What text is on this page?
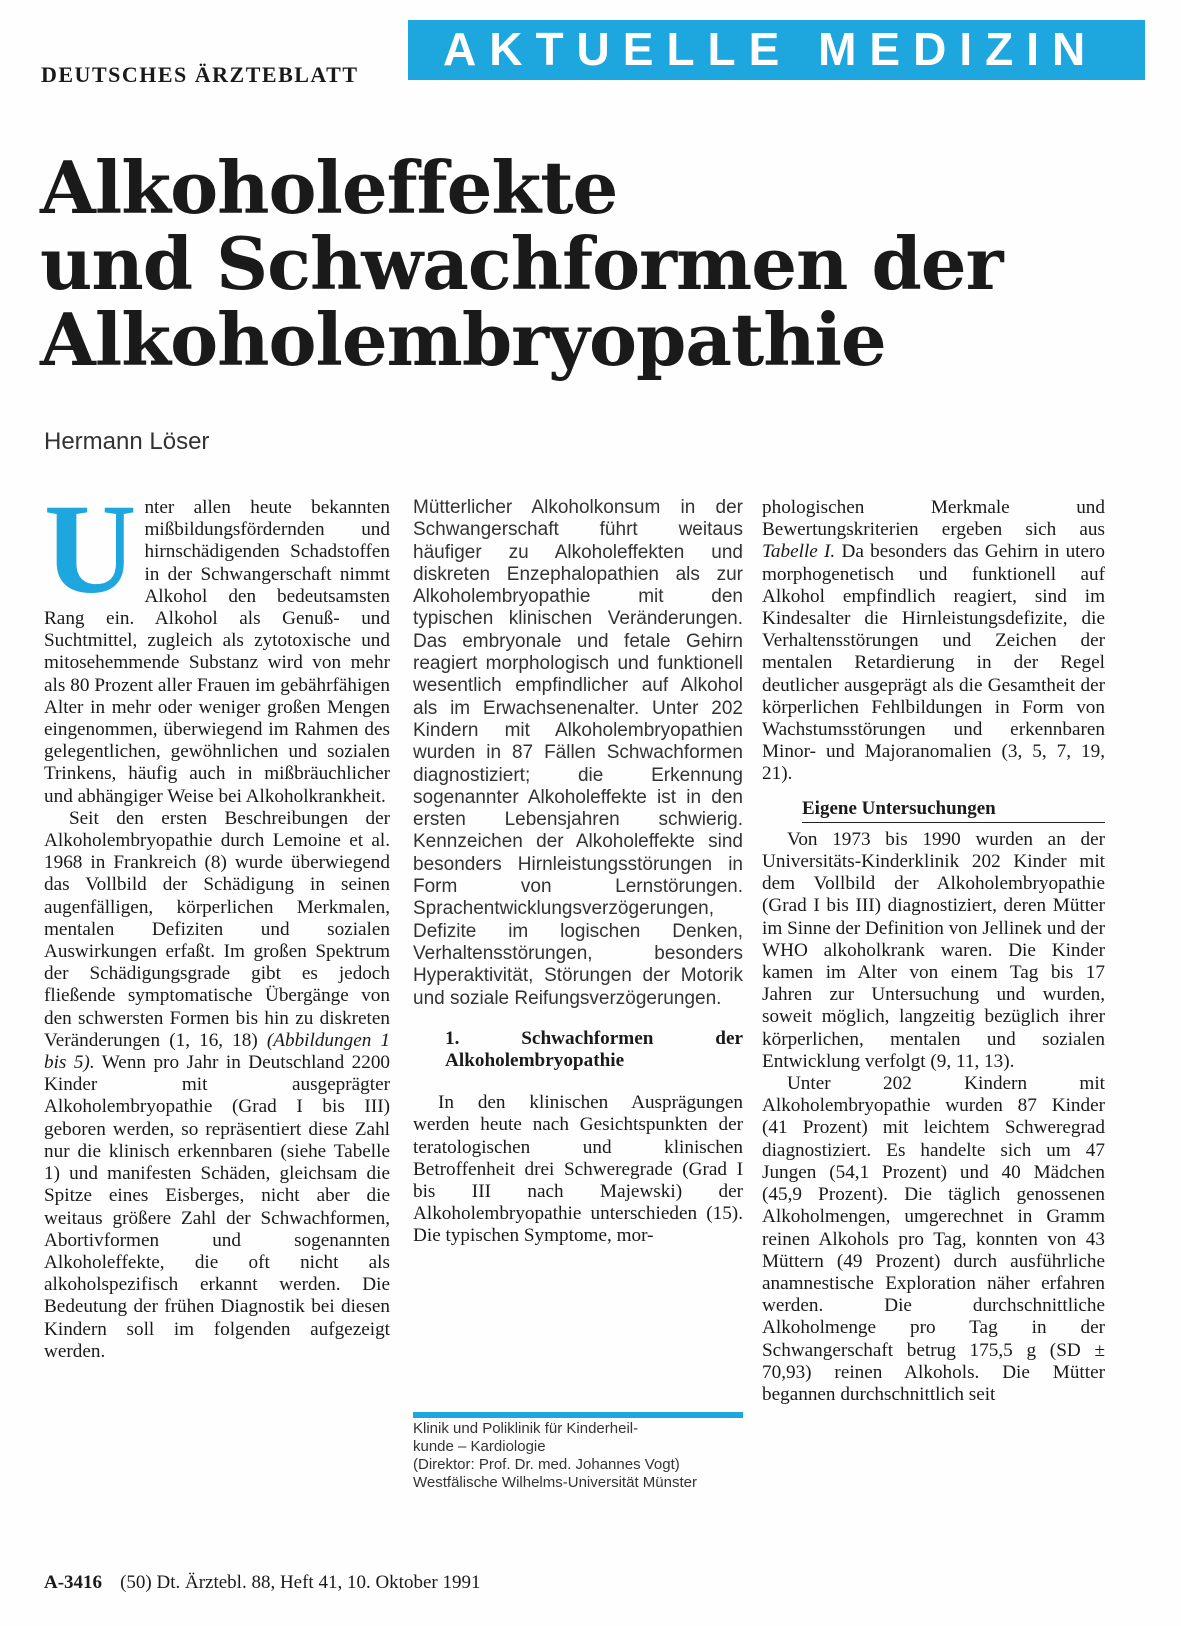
DEUTSCHES ÄRZTEBLATT	AKTUELLE MEDIZIN
Alkoholeffekte
und Schwachformen der
Alkoholembryopathie
Hermann Löser

Unter allen heute bekannten mißbildungsfördernden und hirnschädigenden Schadstoffen in der Schwangerschaft nimmt Alkohol den bedeutsamsten Rang ein. Alkohol als Genuß- und Suchtmittel, zugleich als zytotoxische und mitosehemmende Substanz wird von mehr als 80 Prozent aller Frauen im gebährfähigen Alter in mehr oder weniger großen Mengen eingenommen, überwiegend im Rahmen des gelegentlichen, gewöhnlichen und sozialen Trinkens, häufig auch in mißbräuchlicher und abhängiger Weise bei Alkoholkrankheit.

Seit den ersten Beschreibungen der Alkoholembryopathie durch Lemoine et al. 1968 in Frankreich (8) wurde überwiegend das Vollbild der Schädigung in seinen augenfälligen, körperlichen Merkmalen, mentalen Defiziten und sozialen Auswirkungen erfaßt. Im großen Spektrum der Schädigungsgrade gibt es jedoch fließende symptomatische Übergänge von den schwersten Formen bis hin zu diskreten Veränderungen (1, 16, 18) (Abbildungen 1 bis 5). Wenn pro Jahr in Deutschland 2200 Kinder mit ausgeprägter Alkoholembryopathie (Grad I bis III) geboren werden, so repräsentiert diese Zahl nur die klinisch erkennbaren (siehe Tabelle 1) und manifesten Schäden, gleichsam die Spitze eines Eisberges, nicht aber die weitaus größere Zahl der Schwachformen, Abortivformen und sogenannten Alkoholeffekte, die oft nicht als alkoholspezifisch erkannt werden. Die Bedeutung der frühen Diagnostik bei diesen Kindern soll im folgenden aufgezeigt werden.

Mütterlicher Alkoholkonsum in der Schwangerschaft führt weitaus häufiger zu Alkoholeffekten und diskreten Enzephalopathien als zur Alkoholembryopathie mit den typischen klinischen Veränderungen. Das embryonale und fetale Gehirn reagiert morphologisch und funktionell wesentlich empfindlicher auf Alkohol als im Erwachsenenalter. Unter 202 Kindern mit Alkoholembryopathien wurden in 87 Fällen Schwachformen diagnostiziert; die Erkennung sogenannter Alkoholeffekte ist in den ersten Lebensjahren schwierig. Kennzeichen der Alkoholeffekte sind besonders Hirnleistungsstörungen in Form von Lernstörungen. Sprachentwicklungsverzögerungen, Defizite im logischen Denken, Verhaltensstörungen, besonders Hyperaktivität, Störungen der Motorik und soziale Reifungsverzögerungen.

1. Schwachformen der Alkoholembryopathie

In den klinischen Ausprägungen werden heute nach Gesichtspunkten der teratologischen und klinischen Betroffenheit drei Schweregrade (Grad I bis III nach Majewski) der Alkoholembryopathie unterschieden (15). Die typischen Symptome, mor-

phologischen Merkmale und Bewertungskriterien ergeben sich aus Tabelle I. Da besonders das Gehirn in utero morphogenetisch und funktionell auf Alkohol empfindlich reagiert, sind im Kindesalter die Hirnleistungsdefizite, die Verhaltensstörungen und Zeichen der mentalen Retardierung in der Regel deutlicher ausgeprägt als die Gesamtheit der körperlichen Fehlbildungen in Form von Wachstumsstörungen und erkennbaren Minor- und Majoranomalien (3, 5, 7, 19, 21).

Eigene Untersuchungen

Von 1973 bis 1990 wurden an der Universitäts-Kinderklinik 202 Kinder mit dem Vollbild der Alkoholembryopathie (Grad I bis III) diagnostiziert, deren Mütter im Sinne der Definition von Jellinek und der WHO alkoholkrank waren. Die Kinder kamen im Alter von einem Tag bis 17 Jahren zur Untersuchung und wurden, soweit möglich, langzeitig bezüglich ihrer körperlichen, mentalen und sozialen Entwicklung verfolgt (9, 11, 13).

Unter 202 Kindern mit Alkoholembryopathie wurden 87 Kinder (41 Prozent) mit leichtem Schweregrad diagnostiziert. Es handelte sich um 47 Jungen (54,1 Prozent) und 40 Mädchen (45,9 Prozent). Die täglich genossenen Alkoholmengen, umgerechnet in Gramm reinen Alkohols pro Tag, konnten von 43 Müttern (49 Prozent) durch ausführliche anamnestische Exploration näher erfahren werden. Die durchschnittliche Alkoholmenge pro Tag in der Schwangerschaft betrug 175,5 g (SD ± 70,93) reinen Alkohols. Die Mütter begannen durchschnittlich seit

Klinik und Poliklinik für Kinderheil-
kunde – Kardiologie
(Direktor: Prof. Dr. med. Johannes Vogt)
Westfälische Wilhelms-Universität Münster
A-3416 (50) Dt. Ärztebl. 88, Heft 41, 10. Oktober 1991
